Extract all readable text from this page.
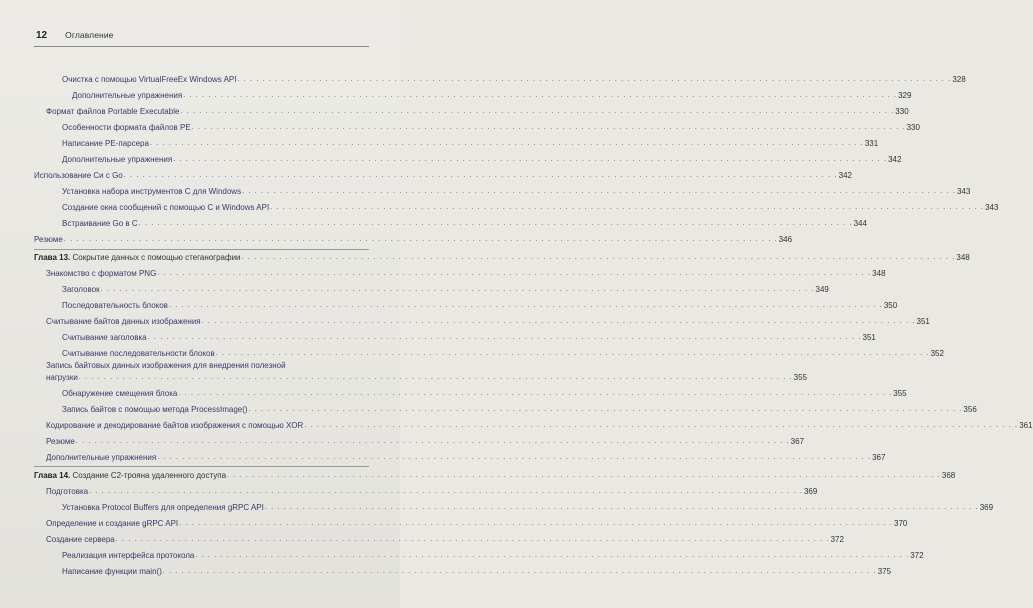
12 Оглавление
Очистка с помощью VirtualFreeEx Windows API . . .	328
Дополнительные упражнения . . .	329
Формат файлов Portable Executable . . .	330
Особенности формата файлов PE . . .	330
Написание PE-парсера . . .	331
Дополнительные упражнения . . .	342
Использование Cи с Go . . .	342
Установка набора инструментов C для Windows . . .	343
Создание окна сообщений с помощью C и Windows API . . .	343
Встраивание Go в C . . .	344
Резюме . . .	346
Глава 13. Сокрытие данных с помощью стеганографии . . .	348
Знакомство с форматом PNG . . .	348
Заголовок . . .	349
Последовательность блоков . . .	350
Считывание байтов данных изображения . . .	351
Считывание заголовка . . .	351
Считывание последовательности блоков . . .	352
Запись байтовых данных изображения для внедрения полезной
нагрузки . . .	355
Обнаружение смещения блока . . .	355
Запись байтов с помощью метода ProcessImage() . . .	356
Кодирование и декодирование байтов изображения с помощью XOR . . .	361
Резюме . . .	367
Дополнительные упражнения . . .	367
Глава 14. Создание C2-трояна удаленного доступа . . .	368
Подготовка . . .	369
Установка Protocol Buffers для определения gRPC API . . .	369
Определение и создание gRPC API . . .	370
Создание сервера . . .	372
Реализация интерфейса протокола . . .	372
Написание функции main() . . .	375
